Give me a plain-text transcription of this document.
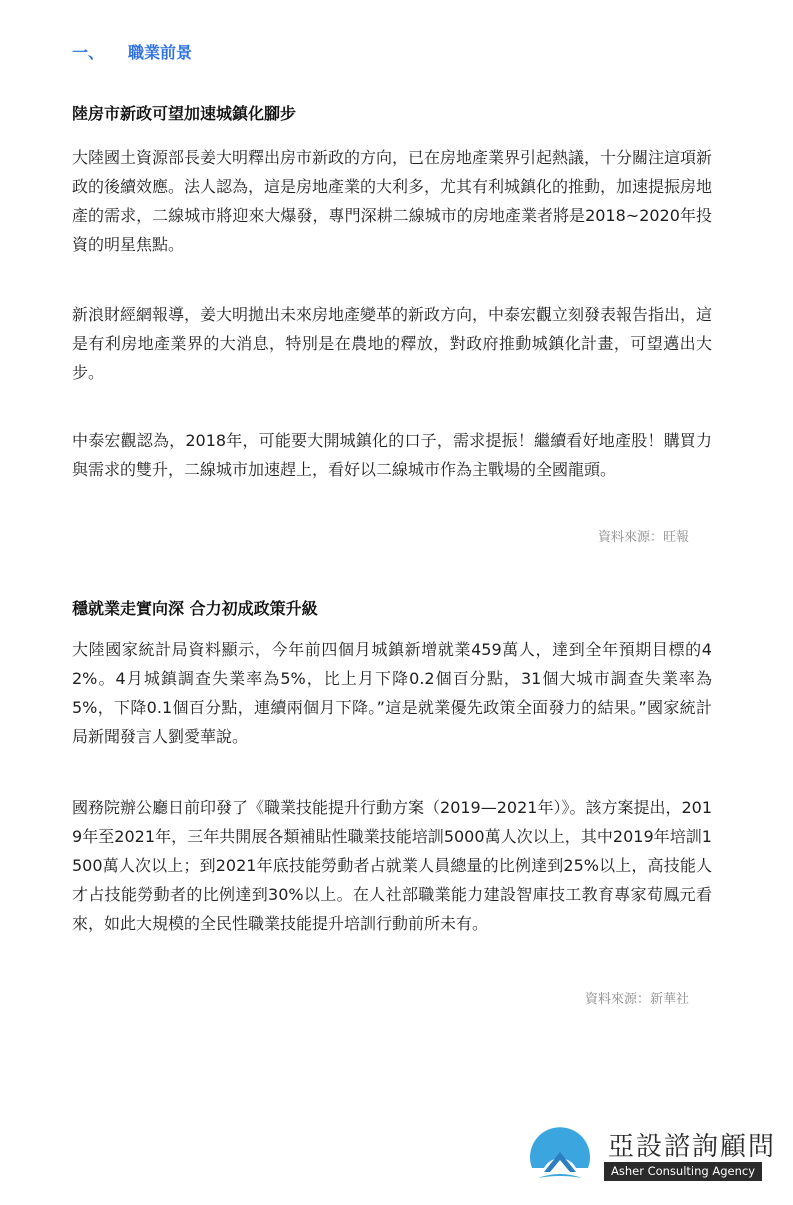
一、 職業前景
陸房市新政可望加速城鎮化腳步

大陸國土資源部長姜大明釋出房市新政的方向，已在房地產業界引起熱議，十分關注這項新政的後續效應。法人認為，這是房地產業的大利多，尤其有利城鎮化的推動，加速提振房地產的需求，二線城市將迎來大爆發，專門深耕二線城市的房地產業者將是2018~2020年投資的明星焦點。

新浪財經網報導，姜大明拋出未來房地產變革的新政方向，中泰宏觀立刻發表報告指出，這是有利房地產業界的大消息，特別是在農地的釋放，對政府推動城鎮化計畫，可望邁出大步。

中泰宏觀認為，2018年，可能要大開城鎮化的口子，需求提振！繼續看好地產股！購買力與需求的雙升，二線城市加速趕上，看好以二線城市作為主戰場的全國龍頭。

資料來源：旺報
穩就業走實向深 合力初成政策升級

大陸國家統計局資料顯示，今年前四個月城鎮新增就業459萬人，達到全年預期目標的42%。4月城鎮調查失業率為5%，比上月下降0.2個百分點，31個大城市調查失業率為5%，下降0.1個百分點，連續兩個月下降。”這是就業優先政策全面發力的結果。”國家統計局新聞發言人劉愛華說。

國務院辦公廳日前印發了《職業技能提升行動方案（2019—2021年）》。該方案提出，2019年至2021年，三年共開展各類補貼性職業技能培訓5000萬人次以上，其中2019年培訓1500萬人次以上；到2021年底技能勞動者占就業人員總量的比例達到25%以上，高技能人才占技能勞動者的比例達到30%以上。在人社部職業能力建設智庫技工教育專家荀鳳元看來，如此大規模的全民性職業技能提升培訓行動前所未有。

資料來源：新華社
亞設諮詢顧問
Asher Consulting Agency
